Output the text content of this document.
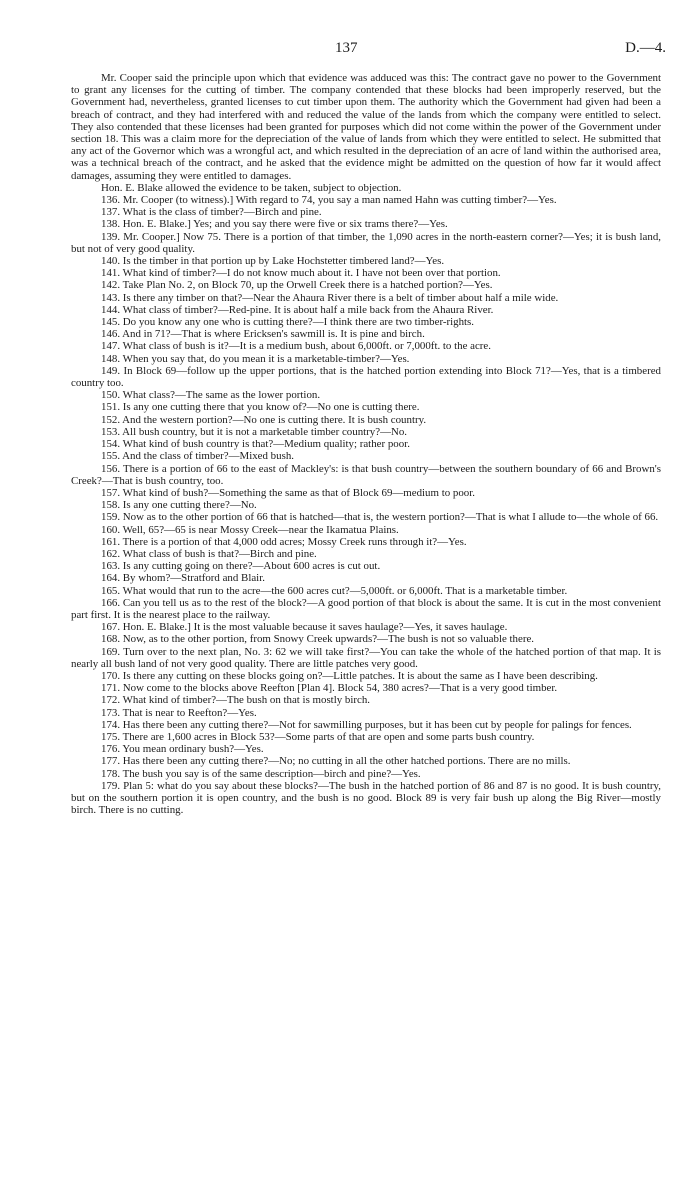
137	D.—4.

Mr. Cooper said the principle upon which that evidence was adduced was this: The contract gave no power to the Government to grant any licenses for the cutting of timber. The company contended that these blocks had been improperly reserved, but the Government had, nevertheless, granted licenses to cut timber upon them. The authority which the Government had given had been a breach of contract, and they had interfered with and reduced the value of the lands from which the company were entitled to select. They also contended that these licenses had been granted for purposes which did not come within the power of the Government under section 18. This was a claim more for the depreciation of the value of lands from which they were entitled to select. He submitted that any act of the Governor which was a wrongful act, and which resulted in the depreciation of an acre of land within the authorised area, was a technical breach of the contract, and he asked that the evidence might be admitted on the question of how far it would affect damages, assuming they were entitled to damages.

Hon. E. Blake allowed the evidence to be taken, subject to objection.

136. Mr. Cooper (to witness).] With regard to 74, you say a man named Hahn was cutting timber?—Yes.

137. What is the class of timber?—Birch and pine.

138. Hon. E. Blake.] Yes; and you say there were five or six trams there?—Yes.

139. Mr. Cooper.] Now 75. There is a portion of that timber, the 1,090 acres in the north-eastern corner?—Yes; it is bush land, but not of very good quality.

140. Is the timber in that portion up by Lake Hochstetter timbered land?—Yes.

141. What kind of timber?—I do not know much about it. I have not been over that portion.

142. Take Plan No. 2, on Block 70, up the Orwell Creek there is a hatched portion?—Yes.

143. Is there any timber on that?—Near the Ahaura River there is a belt of timber about half a mile wide.

144. What class of timber?—Red-pine. It is about half a mile back from the Ahaura River.

145. Do you know any one who is cutting there?—I think there are two timber-rights.

146. And in 71?—That is where Ericksen's sawmill is. It is pine and birch.

147. What class of bush is it?—It is a medium bush, about 6,000ft. or 7,000ft. to the acre.

148. When you say that, do you mean it is a marketable-timber?—Yes.

149. In Block 69—follow up the upper portions, that is the hatched portion extending into Block 71?—Yes, that is a timbered country too.

150. What class?—The same as the lower portion.

151. Is any one cutting there that you know of?—No one is cutting there.

152. And the western portion?—No one is cutting there. It is bush country.

153. All bush country, but it is not a marketable timber country?—No.

154. What kind of bush country is that?—Medium quality; rather poor.

155. And the class of timber?—Mixed bush.

156. There is a portion of 66 to the east of Mackley's: is that bush country—between the southern boundary of 66 and Brown's Creek?—That is bush country, too.

157. What kind of bush?—Something the same as that of Block 69—medium to poor.

158. Is any one cutting there?—No.

159. Now as to the other portion of 66 that is hatched—that is, the western portion?—That is what I allude to—the whole of 66.

160. Well, 65?—65 is near Mossy Creek—near the Ikamatua Plains.

161. There is a portion of that 4,000 odd acres; Mossy Creek runs through it?—Yes.

162. What class of bush is that?—Birch and pine.

163. Is any cutting going on there?—About 600 acres is cut out.

164. By whom?—Stratford and Blair.

165. What would that run to the acre—the 600 acres cut?—5,000ft. or 6,000ft. That is a marketable timber.

166. Can you tell us as to the rest of the block?—A good portion of that block is about the same. It is cut in the most convenient part first. It is the nearest place to the railway.

167. Hon. E. Blake.] It is the most valuable because it saves haulage?—Yes, it saves haulage.

168. Now, as to the other portion, from Snowy Creek upwards?—The bush is not so valuable there.

169. Turn over to the next plan, No. 3: 62 we will take first?—You can take the whole of the hatched portion of that map. It is nearly all bush land of not very good quality. There are little patches very good.

170. Is there any cutting on these blocks going on?—Little patches. It is about the same as I have been describing.

171. Now come to the blocks above Reefton [Plan 4]. Block 54, 380 acres?—That is a very good timber.

172. What kind of timber?—The bush on that is mostly birch.

173. That is near to Reefton?—Yes.

174. Has there been any cutting there?—Not for sawmilling purposes, but it has been cut by people for palings for fences.

175. There are 1,600 acres in Block 53?—Some parts of that are open and some parts bush country.

176. You mean ordinary bush?—Yes.

177. Has there been any cutting there?—No; no cutting in all the other hatched portions. There are no mills.

178. The bush you say is of the same description—birch and pine?—Yes.

179. Plan 5: what do you say about these blocks?—The bush in the hatched portion of 86 and 87 is no good. It is bush country, but on the southern portion it is open country, and the bush is no good. Block 89 is very fair bush up along the Big River—mostly birch. There is no cutting.
